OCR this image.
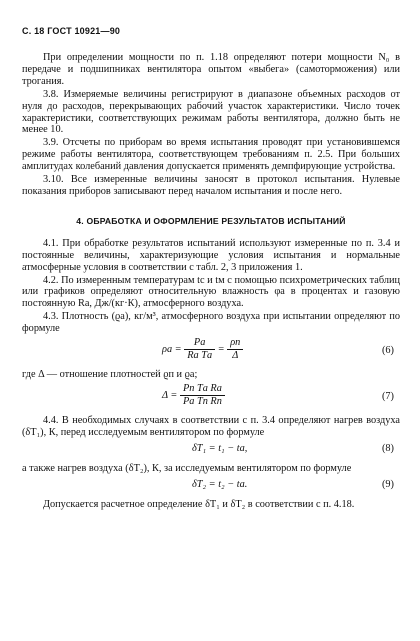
С. 18 ГОСТ 10921—90

При определении мощности по п. 1.18 определяют потери мощности N₀ в передаче и подшипниках вентилятора опытом «выбега» (самоторможения) или трогания.

3.8. Измеряемые величины регистрируют в диапазоне объемных расходов от нуля до расходов, перекрывающих рабочий участок характеристики. Число точек характеристики, соответствующих режимам работы вентилятора, должно быть не менее 10.

3.9. Отсчеты по приборам во время испытания проводят при установившемся режиме работы вентилятора, соответствующем требованиям п. 2.5. При больших амплитудах колебаний давления допускается применять демпфирующие устройства.

3.10. Все измеренные величины заносят в протокол испытания. Нулевые показания приборов записывают перед началом испытания и после него.

4. ОБРАБОТКА И ОФОРМЛЕНИЕ РЕЗУЛЬТАТОВ ИСПЫТАНИЙ

4.1. При обработке результатов испытаний используют измеренные по п. 3.4 и постоянные величины, характеризующие условия испытания и нормальные атмосферные условия в соответствии с табл. 2, 3 приложения 1.

4.2. По измеренным температурам tс и tм с помощью психрометрических таблиц или графиков определяют относительную влажность φа в процентах и газовую постоянную Rа, Дж/(кг·К), атмосферного воздуха.

4.3. Плотность (ϱа), кг/м³, атмосферного воздуха при испытании определяют по формуле

$\rho а = \frac{Pа}{\text{Rа Tа}} = \frac{\rho п}{\Delta}$	(6)

где Δ — отношение плотностей ϱп и ϱа;

$\Delta = \frac{\text{Pп Tа Rа}}{\text{Pа Tп Rп}}$	(7)

4.4. В необходимых случаях в соответствии с п. 3.4 определяют нагрев воздуха (δT₁), К, перед исследуемым вентилятором по формуле

δT₁ = t₁ − tа,	(8)

а также нагрев воздуха (δT₂), К, за исследуемым вентилятором по формуле

δT₂ = t₂ − tа.	(9)

Допускается расчетное определение δT₁ и δT₂ в соответствии с п. 4.18.
